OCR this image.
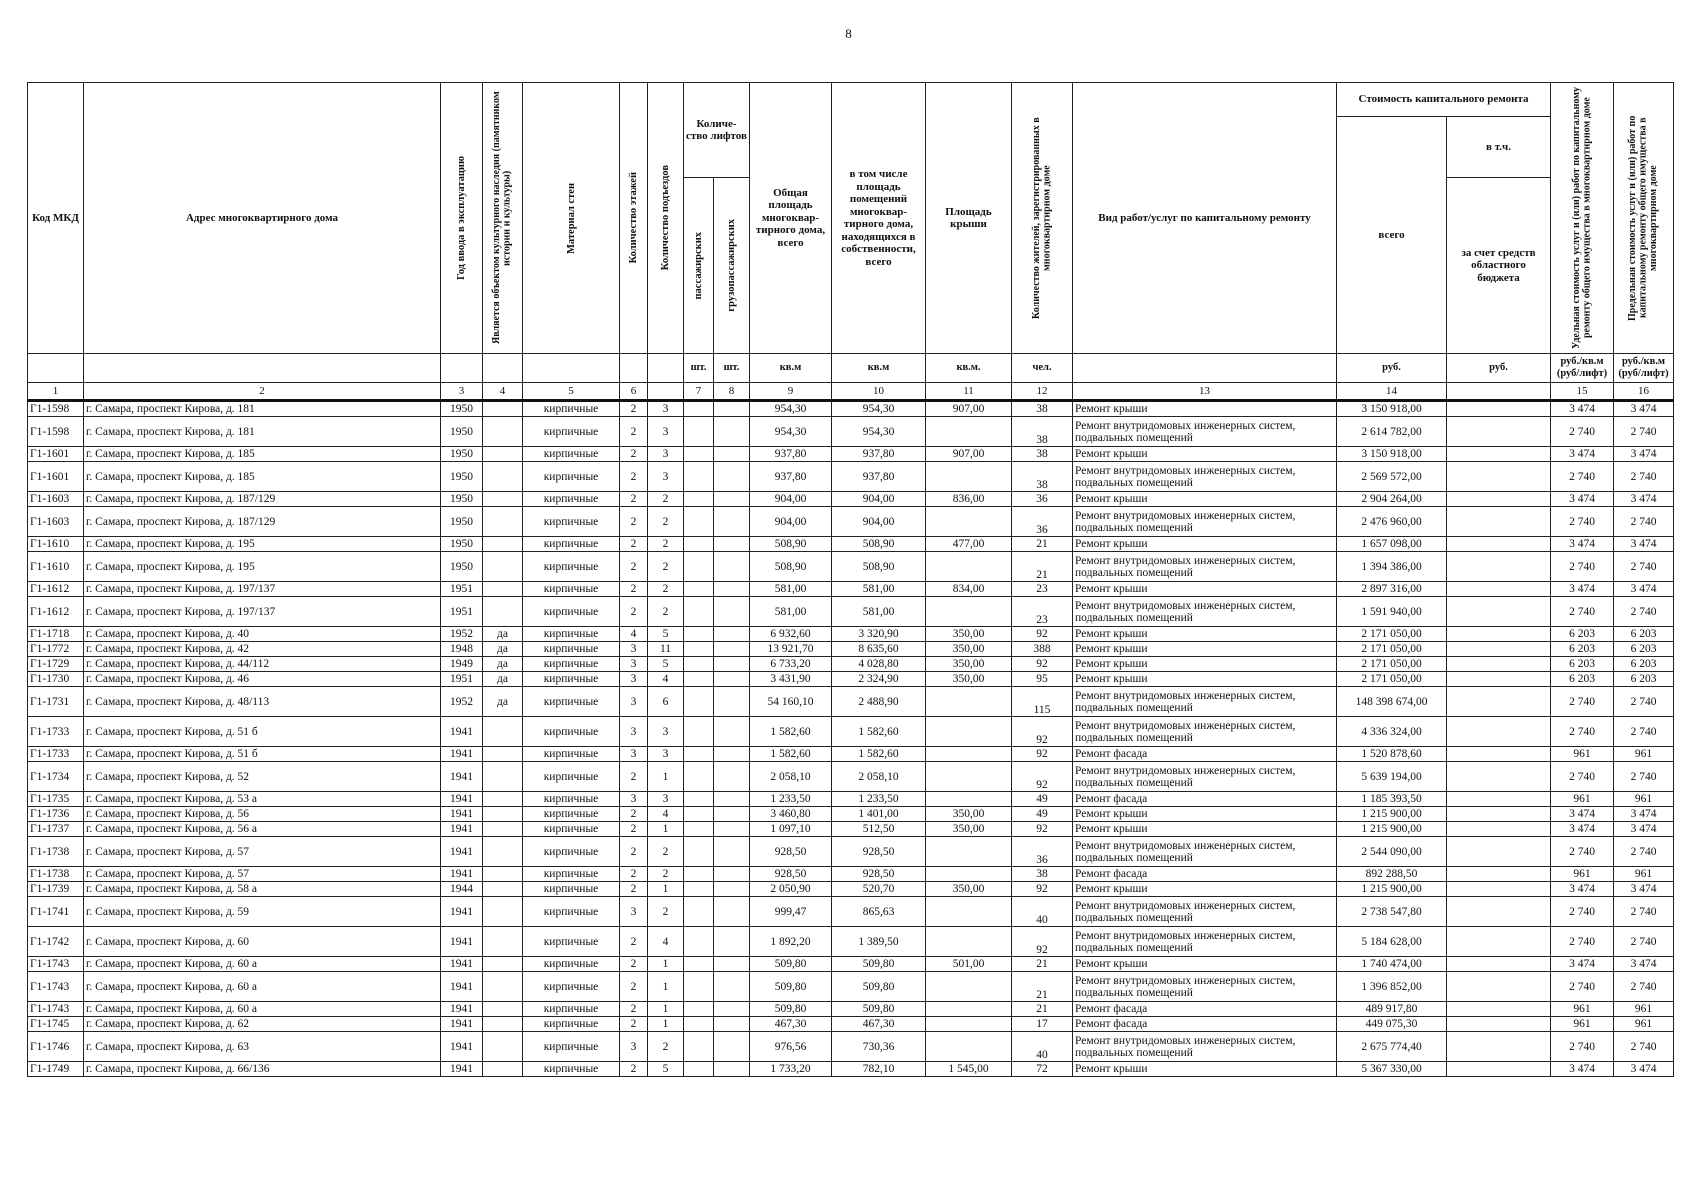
8
Код МКД	Адрес многоквартирного дома	Год ввода в эксплуатацию	Является объектом культурного наследия (памятником истории и культуры)	Материал стен	Количество этажей	Количество подъездов	Количе-ство лифтов		Общая площадь многоквар-тирного дома, всего	в том числе площадь помещений многоквар-тирного дома, находящихся в собственности, всего	Площадь крыши	Количество жителей, зарегистрированных в многоквартирном доме	Вид работ/услуг по капитальному ремонту	Стоимость капитального ремонта		Удельная стоимость услуг и (или) работ по капитальному ремонту общего имущества в многоквартирном доме	Предельная стоимость услуг и (или) работ по капитальному ремонту общего имущества в многоквартирном доме

														всего	в т.ч.		

							пассажирских	грузопассажирских							за счет средств областного бюджета		
							шт.	шт.	кв.м	кв.м	кв.м.	чел.		руб.	руб.	руб./кв.м (руб/лифт)	руб./кв.м (руб/лифт)
1	2	3	4	5	6		7	8	9	10	11	12	13	14		15	16
Г1-1598	г. Самара, проспект Кирова, д. 181	1950		кирпичные	2	3			954,30	954,30	907,00	38	Ремонт крыши	3 150 918,00		3 474	3 474
Г1-1598	г. Самара, проспект Кирова, д. 181	1950		кирпичные	2	3			954,30	954,30		38	Ремонт внутридомовых инженерных систем, подвальных помещений	2 614 782,00		2 740	2 740
Г1-1601	г. Самара, проспект Кирова, д. 185	1950		кирпичные	2	3			937,80	937,80	907,00	38	Ремонт крыши	3 150 918,00		3 474	3 474
Г1-1601	г. Самара, проспект Кирова, д. 185	1950		кирпичные	2	3			937,80	937,80		38	Ремонт внутридомовых инженерных систем, подвальных помещений	2 569 572,00		2 740	2 740
Г1-1603	г. Самара, проспект Кирова, д. 187/129	1950		кирпичные	2	2			904,00	904,00	836,00	36	Ремонт крыши	2 904 264,00		3 474	3 474
Г1-1603	г. Самара, проспект Кирова, д. 187/129	1950		кирпичные	2	2			904,00	904,00		36	Ремонт внутридомовых инженерных систем, подвальных помещений	2 476 960,00		2 740	2 740
Г1-1610	г. Самара, проспект Кирова, д. 195	1950		кирпичные	2	2			508,90	508,90	477,00	21	Ремонт крыши	1 657 098,00		3 474	3 474
Г1-1610	г. Самара, проспект Кирова, д. 195	1950		кирпичные	2	2			508,90	508,90		21	Ремонт внутридомовых инженерных систем, подвальных помещений	1 394 386,00		2 740	2 740
Г1-1612	г. Самара, проспект Кирова, д. 197/137	1951		кирпичные	2	2			581,00	581,00	834,00	23	Ремонт крыши	2 897 316,00		3 474	3 474
Г1-1612	г. Самара, проспект Кирова, д. 197/137	1951		кирпичные	2	2			581,00	581,00		23	Ремонт внутридомовых инженерных систем, подвальных помещений	1 591 940,00		2 740	2 740
Г1-1718	г. Самара, проспект Кирова, д. 40	1952	да	кирпичные	4	5			6 932,60	3 320,90	350,00	92	Ремонт крыши	2 171 050,00		6 203	6 203
Г1-1772	г. Самара, проспект Кирова, д. 42	1948	да	кирпичные	3	11			13 921,70	8 635,60	350,00	388	Ремонт крыши	2 171 050,00		6 203	6 203
Г1-1729	г. Самара, проспект Кирова, д. 44/112	1949	да	кирпичные	3	5			6 733,20	4 028,80	350,00	92	Ремонт крыши	2 171 050,00		6 203	6 203
Г1-1730	г. Самара, проспект Кирова, д. 46	1951	да	кирпичные	3	4			3 431,90	2 324,90	350,00	95	Ремонт крыши	2 171 050,00		6 203	6 203
Г1-1731	г. Самара, проспект Кирова, д. 48/113	1952	да	кирпичные	3	6			54 160,10	2 488,90		115	Ремонт внутридомовых инженерных систем, подвальных помещений	148 398 674,00		2 740	2 740
Г1-1733	г. Самара, проспект Кирова, д. 51 б	1941		кирпичные	3	3			1 582,60	1 582,60		92	Ремонт внутридомовых инженерных систем, подвальных помещений	4 336 324,00		2 740	2 740
Г1-1733	г. Самара, проспект Кирова, д. 51 б	1941		кирпичные	3	3			1 582,60	1 582,60		92	Ремонт фасада	1 520 878,60		961	961
Г1-1734	г. Самара, проспект Кирова, д. 52	1941		кирпичные	2	1			2 058,10	2 058,10		92	Ремонт внутридомовых инженерных систем, подвальных помещений	5 639 194,00		2 740	2 740
Г1-1735	г. Самара, проспект Кирова, д. 53 а	1941		кирпичные	3	3			1 233,50	1 233,50		49	Ремонт фасада	1 185 393,50		961	961
Г1-1736	г. Самара, проспект Кирова, д. 56	1941		кирпичные	2	4			3 460,80	1 401,00	350,00	49	Ремонт крыши	1 215 900,00		3 474	3 474
Г1-1737	г. Самара, проспект Кирова, д. 56 а	1941		кирпичные	2	1			1 097,10	512,50	350,00	92	Ремонт крыши	1 215 900,00		3 474	3 474
Г1-1738	г. Самара, проспект Кирова, д. 57	1941		кирпичные	2	2			928,50	928,50		36	Ремонт внутридомовых инженерных систем, подвальных помещений	2 544 090,00		2 740	2 740
Г1-1738	г. Самара, проспект Кирова, д. 57	1941		кирпичные	2	2			928,50	928,50		38	Ремонт фасада	892 288,50		961	961
Г1-1739	г. Самара, проспект Кирова, д. 58 а	1944		кирпичные	2	1			2 050,90	520,70	350,00	92	Ремонт крыши	1 215 900,00		3 474	3 474
Г1-1741	г. Самара, проспект Кирова, д. 59	1941		кирпичные	3	2			999,47	865,63		40	Ремонт внутридомовых инженерных систем, подвальных помещений	2 738 547,80		2 740	2 740
Г1-1742	г. Самара, проспект Кирова, д. 60	1941		кирпичные	2	4			1 892,20	1 389,50		92	Ремонт внутридомовых инженерных систем, подвальных помещений	5 184 628,00		2 740	2 740
Г1-1743	г. Самара, проспект Кирова, д. 60 а	1941		кирпичные	2	1			509,80	509,80	501,00	21	Ремонт крыши	1 740 474,00		3 474	3 474
Г1-1743	г. Самара, проспект Кирова, д. 60 а	1941		кирпичные	2	1			509,80	509,80		21	Ремонт внутридомовых инженерных систем, подвальных помещений	1 396 852,00		2 740	2 740
Г1-1743	г. Самара, проспект Кирова, д. 60 а	1941		кирпичные	2	1			509,80	509,80		21	Ремонт фасада	489 917,80		961	961
Г1-1745	г. Самара, проспект Кирова, д. 62	1941		кирпичные	2	1			467,30	467,30		17	Ремонт фасада	449 075,30		961	961
Г1-1746	г. Самара, проспект Кирова, д. 63	1941		кирпичные	3	2			976,56	730,36		40	Ремонт внутридомовых инженерных систем, подвальных помещений	2 675 774,40		2 740	2 740
Г1-1749	г. Самара, проспект Кирова, д. 66/136	1941		кирпичные	2	5			1 733,20	782,10	1 545,00	72	Ремонт крыши	5 367 330,00		3 474	3 474
